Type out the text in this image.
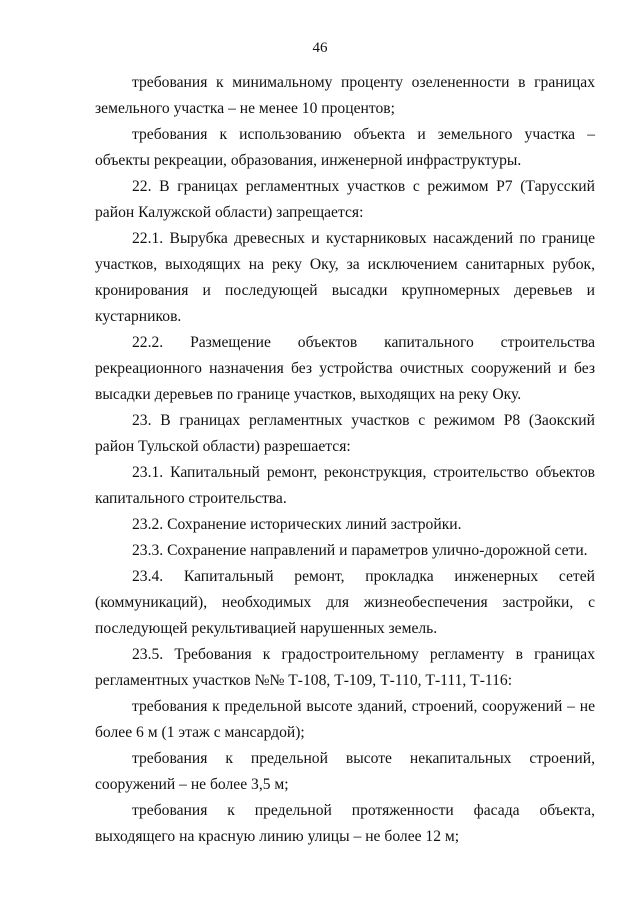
46

требования к минимальному проценту озелененности в границах земельного участка – не менее 10 процентов;

требования к использованию объекта и земельного участка – объекты рекреации, образования, инженерной инфраструктуры.

22. В границах регламентных участков с режимом Р7 (Тарусский район Калужской области) запрещается:

22.1. Вырубка древесных и кустарниковых насаждений по границе участков, выходящих на реку Оку, за исключением санитарных рубок, кронирования и последующей высадки крупномерных деревьев и кустарников.

22.2. Размещение объектов капитального строительства рекреационного назначения без устройства очистных сооружений и без высадки деревьев по границе участков, выходящих на реку Оку.

23. В границах регламентных участков с режимом Р8 (Заокский район Тульской области) разрешается:

23.1. Капитальный ремонт, реконструкция, строительство объектов капитального строительства.

23.2. Сохранение исторических линий застройки.

23.3. Сохранение направлений и параметров улично-дорожной сети.

23.4. Капитальный ремонт, прокладка инженерных сетей (коммуникаций), необходимых для жизнеобеспечения застройки, с последующей рекультивацией нарушенных земель.

23.5. Требования к градостроительному регламенту в границах регламентных участков №№ Т-108, Т-109, Т-110, Т-111, Т-116:

требования к предельной высоте зданий, строений, сооружений – не более 6 м (1 этаж с мансардой);

требования к предельной высоте некапитальных строений, сооружений – не более 3,5 м;

требования к предельной протяженности фасада объекта, выходящего на красную линию улицы – не более 12 м;
